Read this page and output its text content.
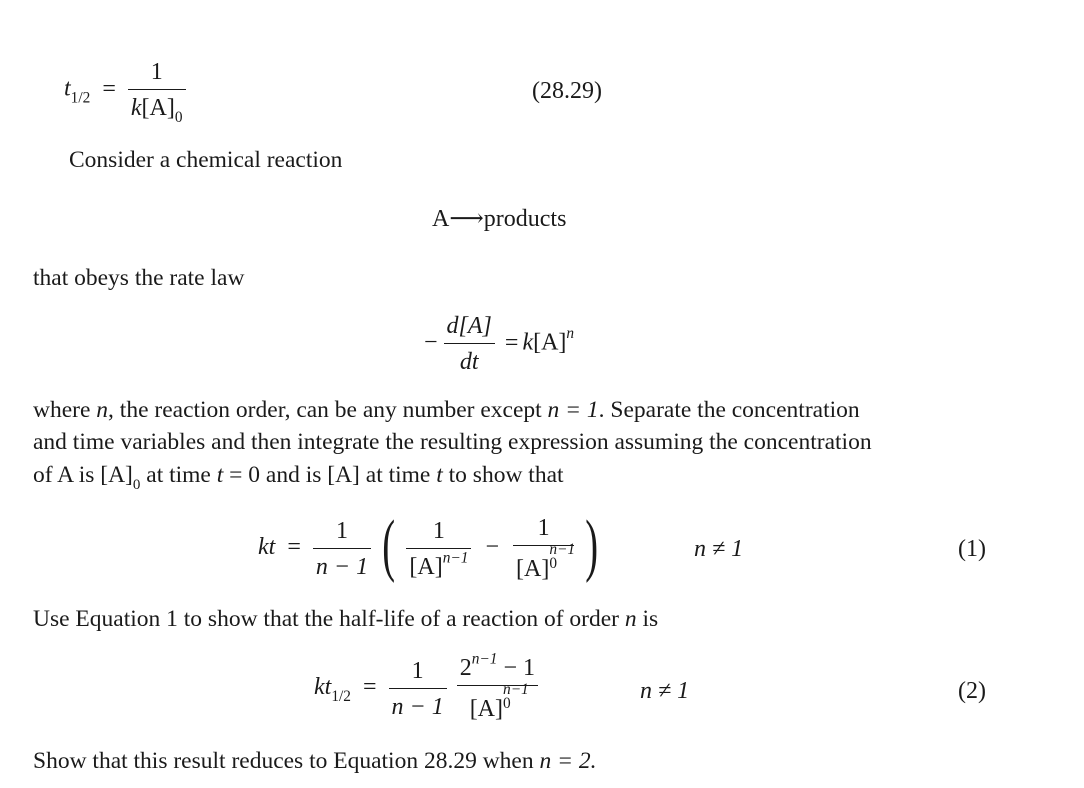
$t_{1/2} = \frac{1}{k[A]_0}$	(28.29)
Consider a chemical reaction
A⟶products
that obeys the rate law
− $\frac{d[A]}{dt} = k[A]^n$
where n, the reaction order, can be any number except n = 1. Separate the concentration
and time variables and then integrate the resulting expression assuming the concentration
of A is $[A]_0$ at time t = 0 and is [A] at time t to show that
kt = $\frac{1}{n - 1}$ ( $\frac{1}{[A]^{n-1}} - 1$
[A]
n−1
0 )	n ≠ 1	(1)
Use Equation 1 to show that the half-life of a reaction of order n is
$kt_{1/2} = \frac{1}{n - 1}$
$2^{n-1} - 1$
[A]
n−1
0	n ≠ 1	(2)
Show that this result reduces to Equation 28.29 when n = 2.
